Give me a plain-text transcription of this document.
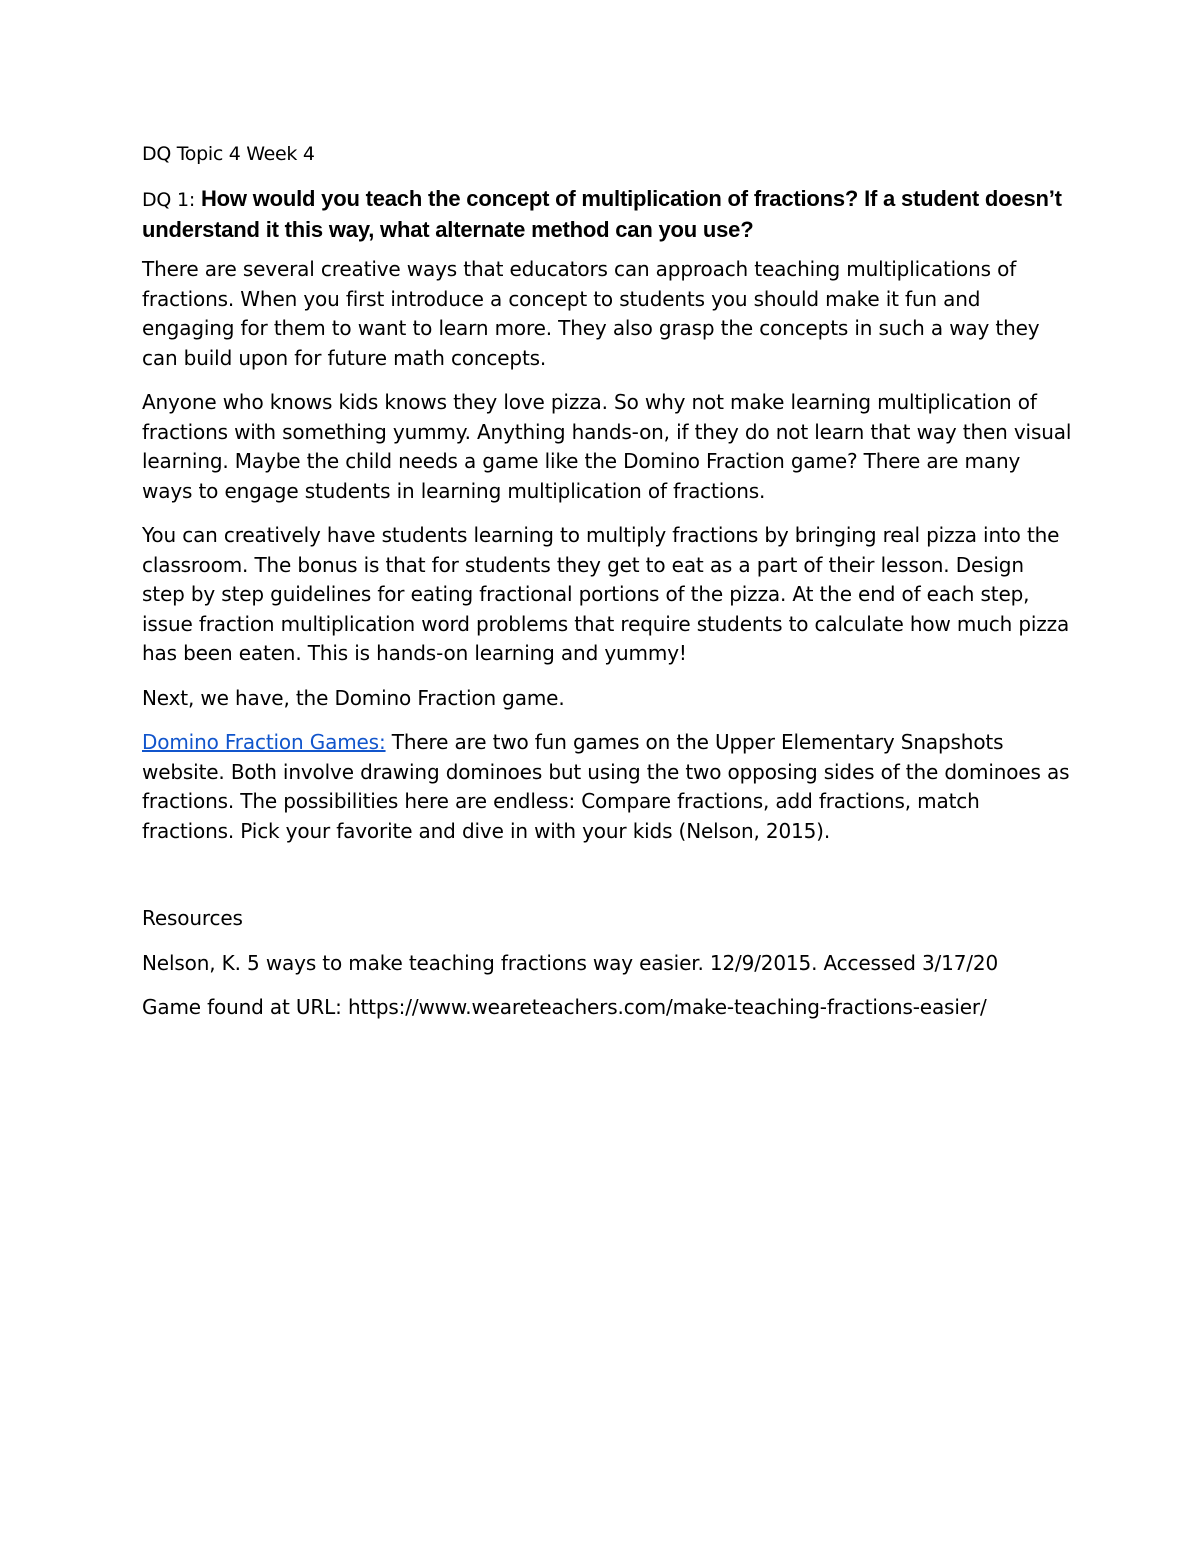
DQ Topic 4 Week 4

DQ 1: How would you teach the concept of multiplication of fractions? If a student doesn’t understand it this way, what alternate method can you use?

There are several creative ways that educators can approach teaching multiplications of fractions. When you first introduce a concept to students you should make it fun and engaging for them to want to learn more. They also grasp the concepts in such a way they can build upon for future math concepts.

Anyone who knows kids knows they love pizza. So why not make learning multiplication of fractions with something yummy. Anything hands-on, if they do not learn that way then visual learning. Maybe the child needs a game like the Domino Fraction game? There are many ways to engage students in learning multiplication of fractions.

You can creatively have students learning to multiply fractions by bringing real pizza into the classroom. The bonus is that for students they get to eat as a part of their lesson. Design step by step guidelines for eating fractional portions of the pizza. At the end of each step, issue fraction multiplication word problems that require students to calculate how much pizza has been eaten. This is hands-on learning and yummy!

Next, we have, the Domino Fraction game.

Domino Fraction Games: There are two fun games on the Upper Elementary Snapshots website. Both involve drawing dominoes but using the two opposing sides of the dominoes as fractions. The possibilities here are endless: Compare fractions, add fractions, match fractions. Pick your favorite and dive in with your kids (Nelson, 2015).

Resources

Nelson, K. 5 ways to make teaching fractions way easier. 12/9/2015. Accessed 3/17/20

Game found at URL: https://www.weareteachers.com/make-teaching-fractions-easier/
